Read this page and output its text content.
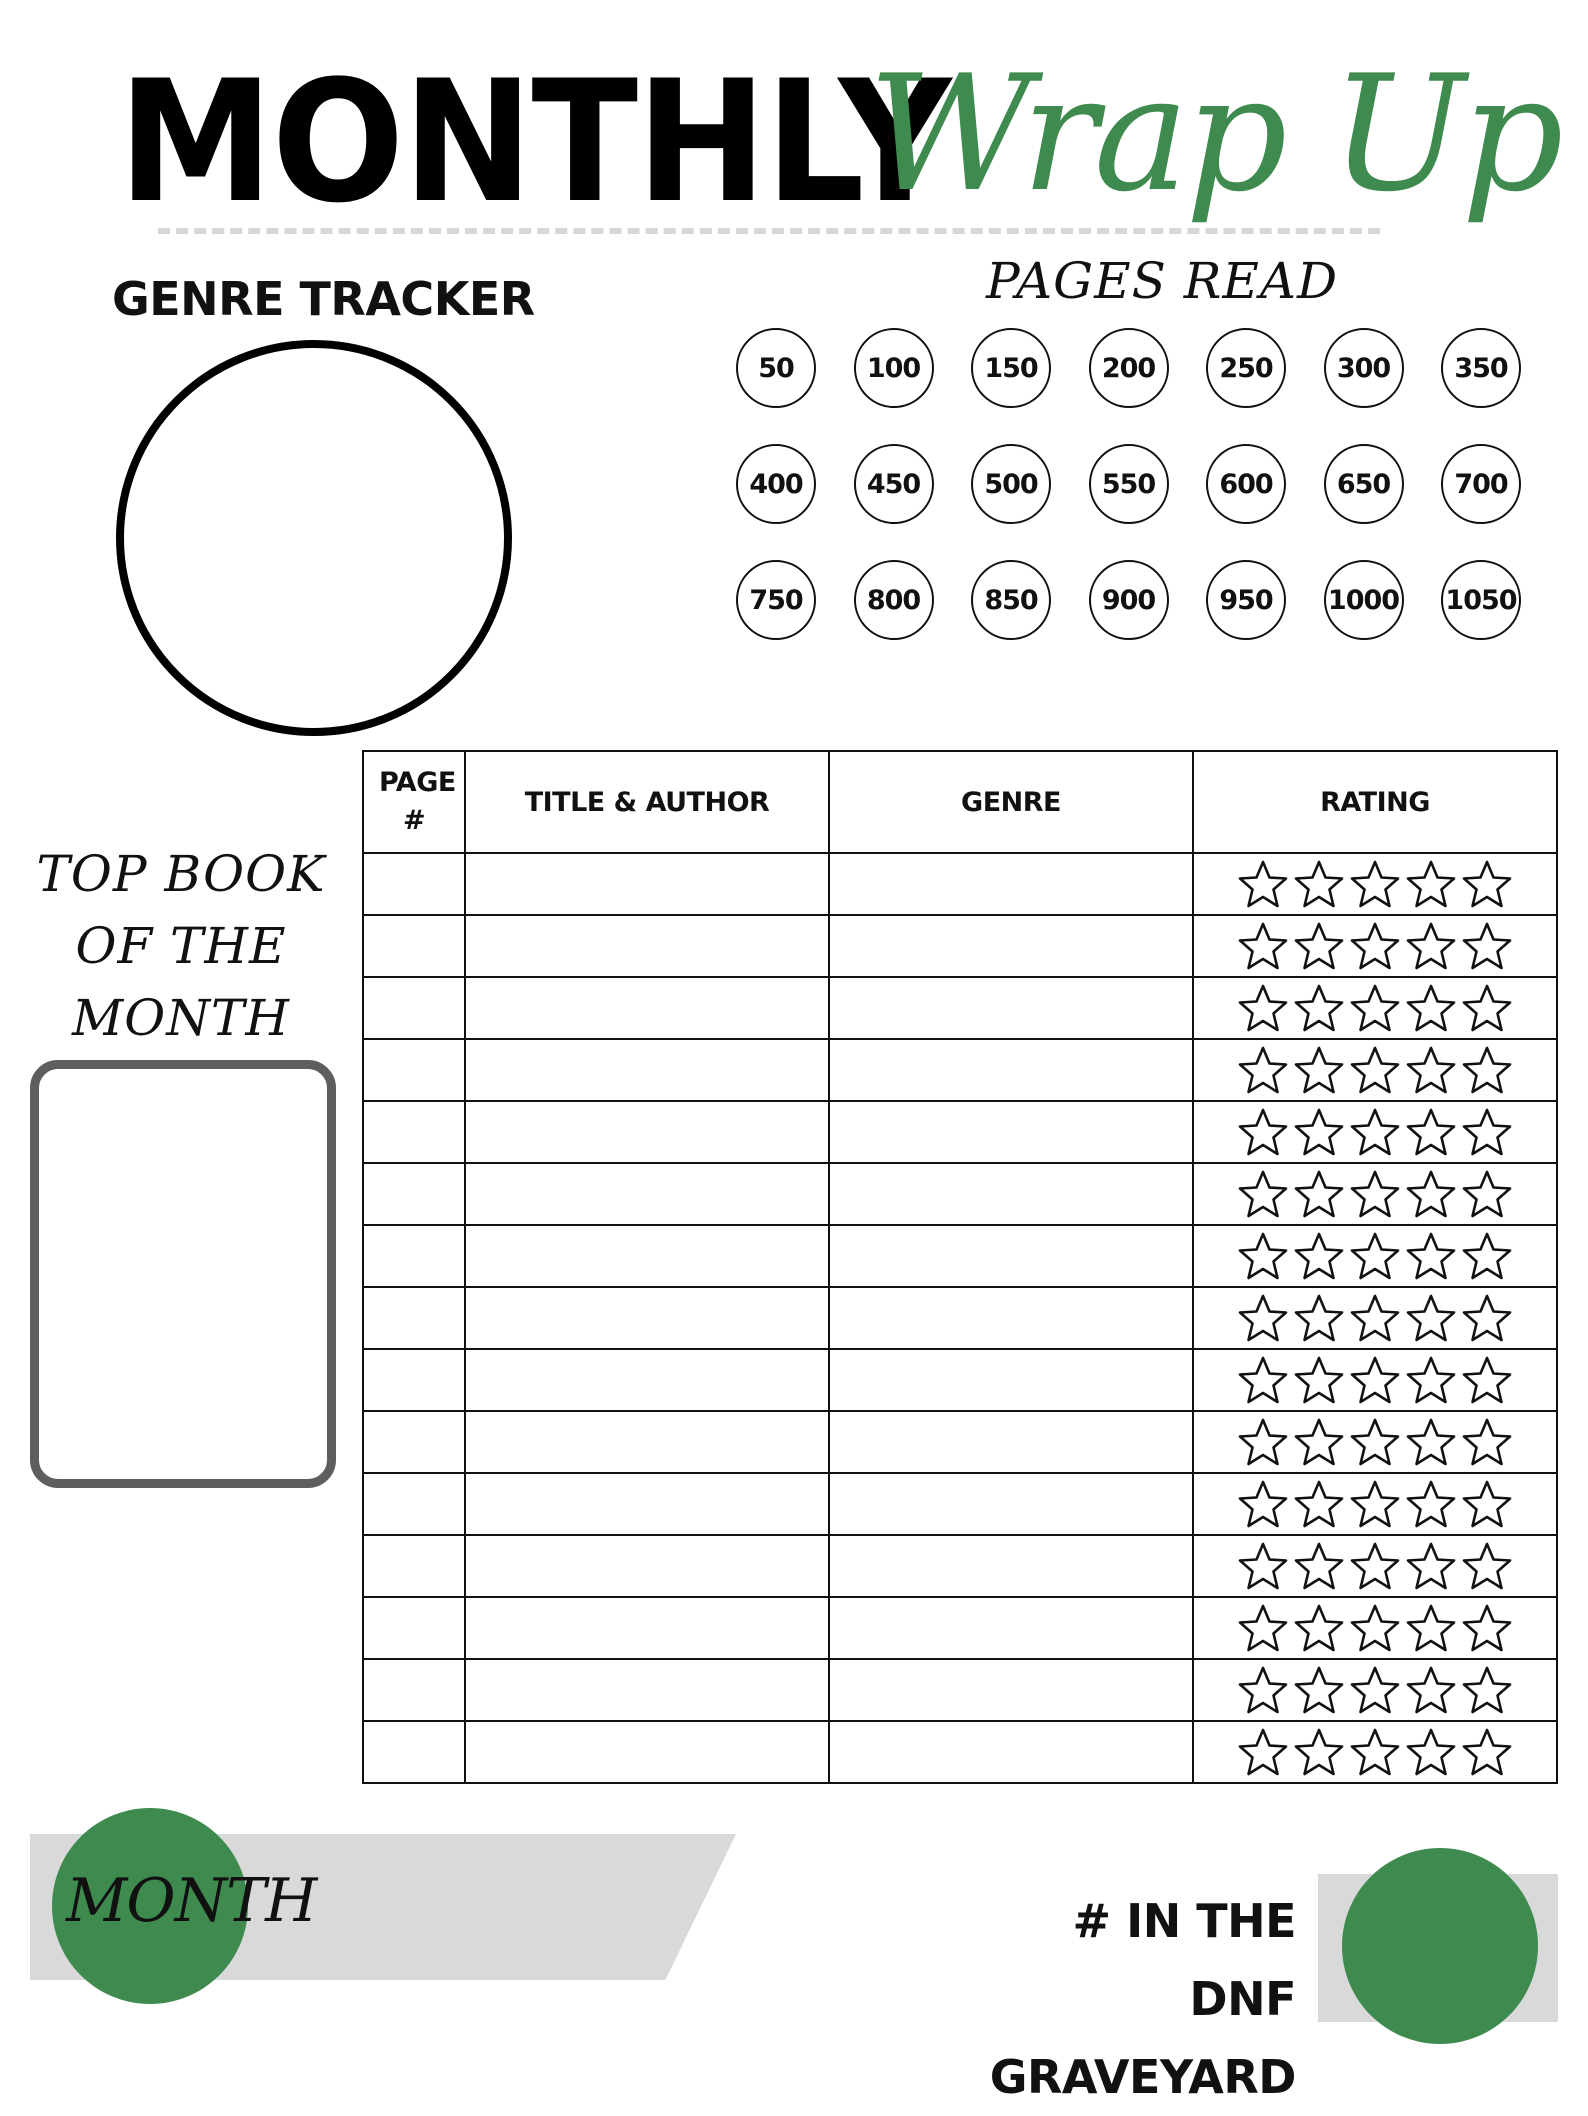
MONTHLY
Wrap Up
GENRE TRACKER	PAGES READ
50	100	150	200	250	300	350
400	450	500	550	600	650	700
750	800	850	900	950	1000 1050
TOP BOOK
OF THE
MONTH
PAGE #	TITLE & AUTHOR	GENRE	RATING

MONTH	# IN THE DNF
GRAVEYARD
